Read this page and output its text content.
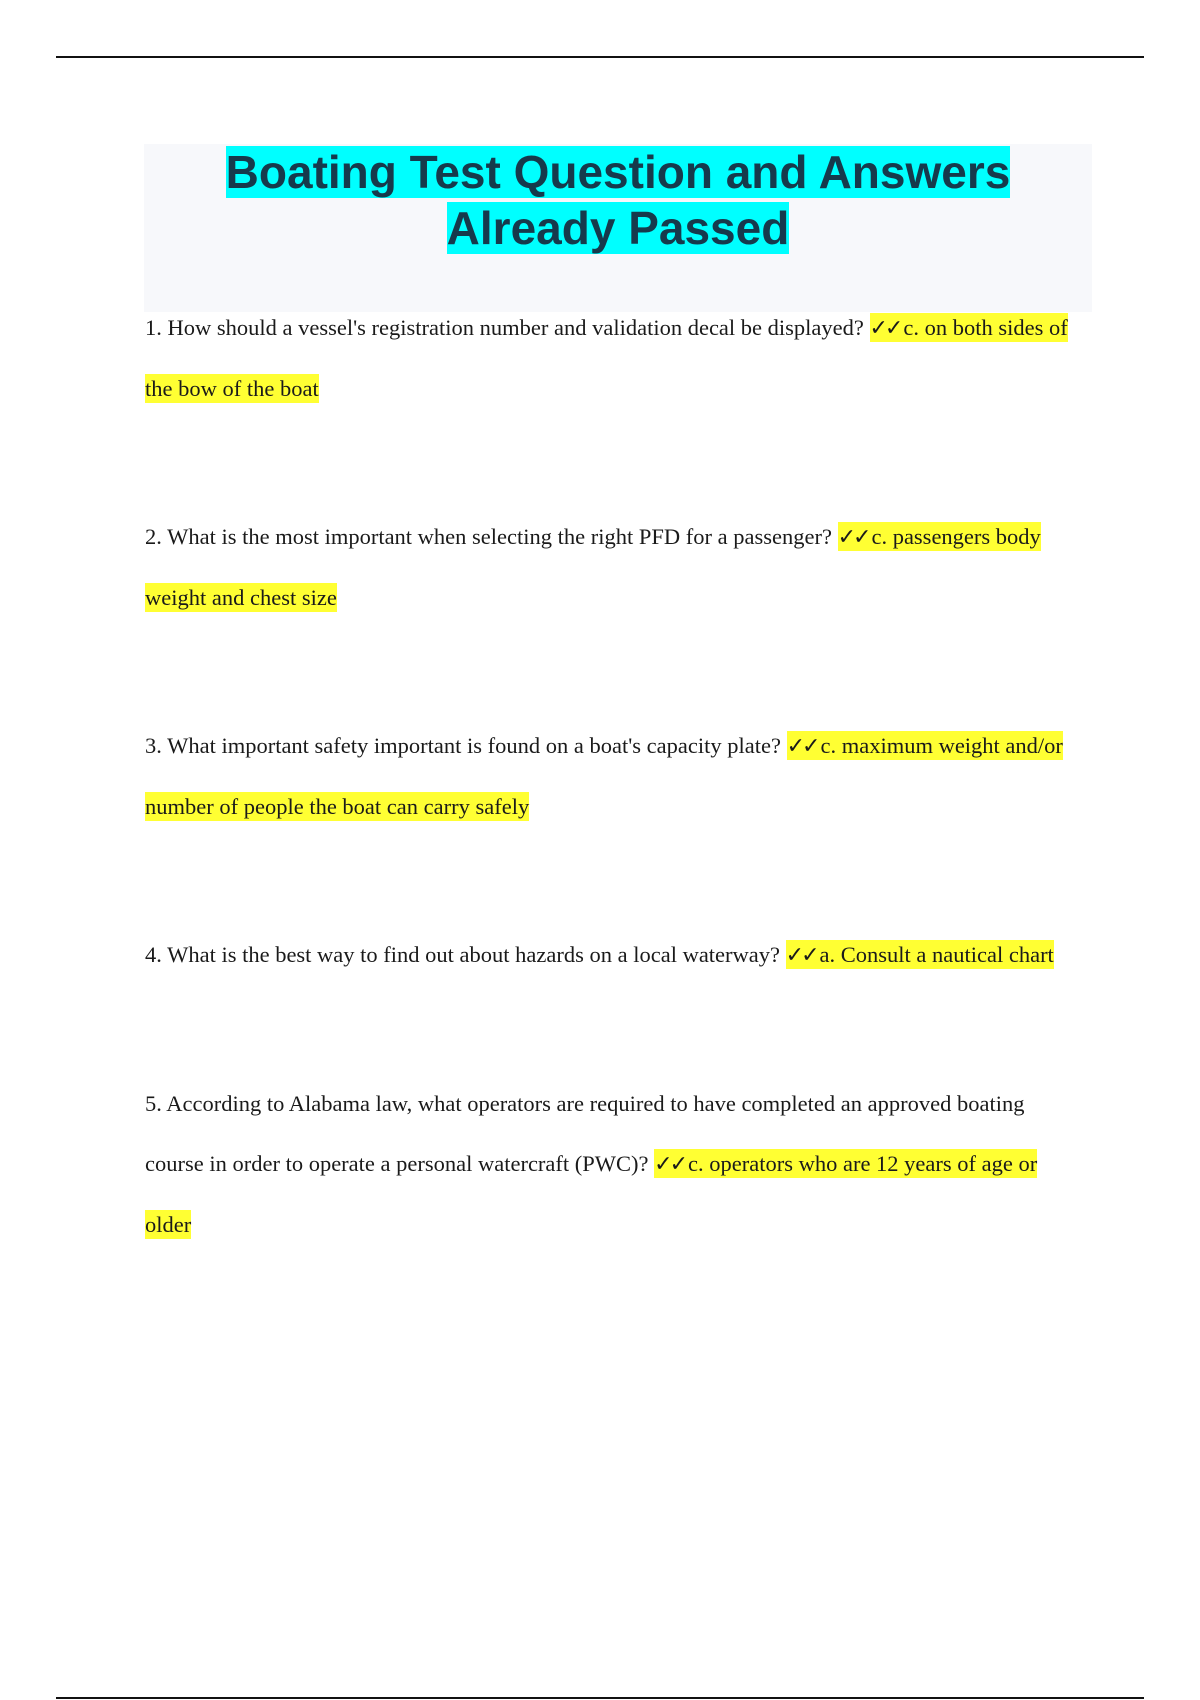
Boating Test Question and Answers Already Passed

1. How should a vessel's registration number and validation decal be displayed? ✓✓ c. on both sides of the bow of the boat

2. What is the most important when selecting the right PFD for a passenger? ✓✓ c. passengers body weight and chest size

3. What important safety important is found on a boat's capacity plate? ✓✓ c. maximum weight and/or number of people the boat can carry safely

4. What is the best way to find out about hazards on a local waterway? ✓✓ a. Consult a nautical chart

5. According to Alabama law, what operators are required to have completed an approved boating course in order to operate a personal watercraft (PWC)? ✓✓ c. operators who are 12 years of age or older
